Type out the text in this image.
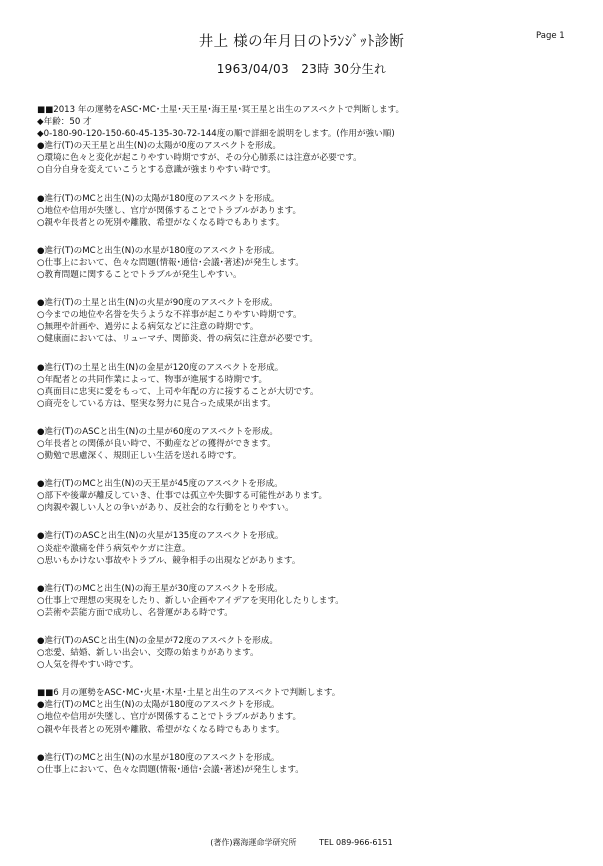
Page 1
井上 様の年月日のﾄﾗﾝｼﾞｯﾄ診断
1963/04/03　23時 30分生れ
■■2013 年の運勢をASC･MC･土星･天王星･海王星･冥王星と出生のアスペクトで判断します。
◆年齢：50 才
◆0-180-90-120-150-60-45-135-30-72-144度の順で詳細を説明をします。(作用が強い順)
●進行(T)の天王星と出生(N)の太陽が0度のアスペクトを形成。
○環境に色々と変化が起こりやすい時期ですが、その分心肺系には注意が必要です。
○自分自身を変えていこうとする意識が強まりやすい時です。
●進行(T)のMCと出生(N)の太陽が180度のアスペクトを形成。
○地位や信用が失墜し、官庁が関係することでトラブルがあります。
○親や年長者との死別や離散、希望がなくなる時でもあります。
●進行(T)のMCと出生(N)の水星が180度のアスペクトを形成。
○仕事上において、色々な問題(情報･通信･会議･著述)が発生します。
○教育問題に関することでトラブルが発生しやすい。
●進行(T)の土星と出生(N)の火星が90度のアスペクトを形成。
○今までの地位や名誉を失うような不祥事が起こりやすい時期です。
○無理や計画や、過労による病気などに注意の時期です。
○健康面においては、リューマチ、関節炎、骨の病気に注意が必要です。
●進行(T)の土星と出生(N)の金星が120度のアスペクトを形成。
○年配者との共同作業によって、物事が進展する時期です。
○真面目に忠実に愛をもって、上司や年配の方に接することが大切です。
○商売をしている方は、堅実な努力に見合った成果が出ます。
●進行(T)のASCと出生(N)の土星が60度のアスペクトを形成。
○年長者との関係が良い時で、不動産などの獲得ができます。
○勤勉で思慮深く、規則正しい生活を送れる時です。
●進行(T)のMCと出生(N)の天王星が45度のアスペクトを形成。
○部下や後輩が離反していき、仕事では孤立や失脚する可能性があります。
○肉親や親しい人との争いがあり、反社会的な行動をとりやすい。
●進行(T)のASCと出生(N)の火星が135度のアスペクトを形成。
○炎症や激痛を伴う病気やケガに注意。
○思いもかけない事故やトラブル、競争相手の出現などがあります。
●進行(T)のMCと出生(N)の海王星が30度のアスペクトを形成。
○仕事上で理想の実現をしたり、新しい企画やアイデアを実用化したりします。
○芸術や芸能方面で成功し、名誉運がある時です。
●進行(T)のASCと出生(N)の金星が72度のアスペクトを形成。
○恋愛、結婚、新しい出会い、交際の始まりがあります。
○人気を得やすい時です。
■■6 月の運勢をASC･MC･火星･木星･土星と出生のアスペクトで判断します。
●進行(T)のMCと出生(N)の太陽が180度のアスペクトを形成。
○地位や信用が失墜し、官庁が関係することでトラブルがあります。
○親や年長者との死別や離散、希望がなくなる時でもあります。
●進行(T)のMCと出生(N)の水星が180度のアスペクトを形成。
○仕事上において、色々な問題(情報･通信･会議･著述)が発生します。
(著作)霧海運命学研究所	TEL 089-966-6151
